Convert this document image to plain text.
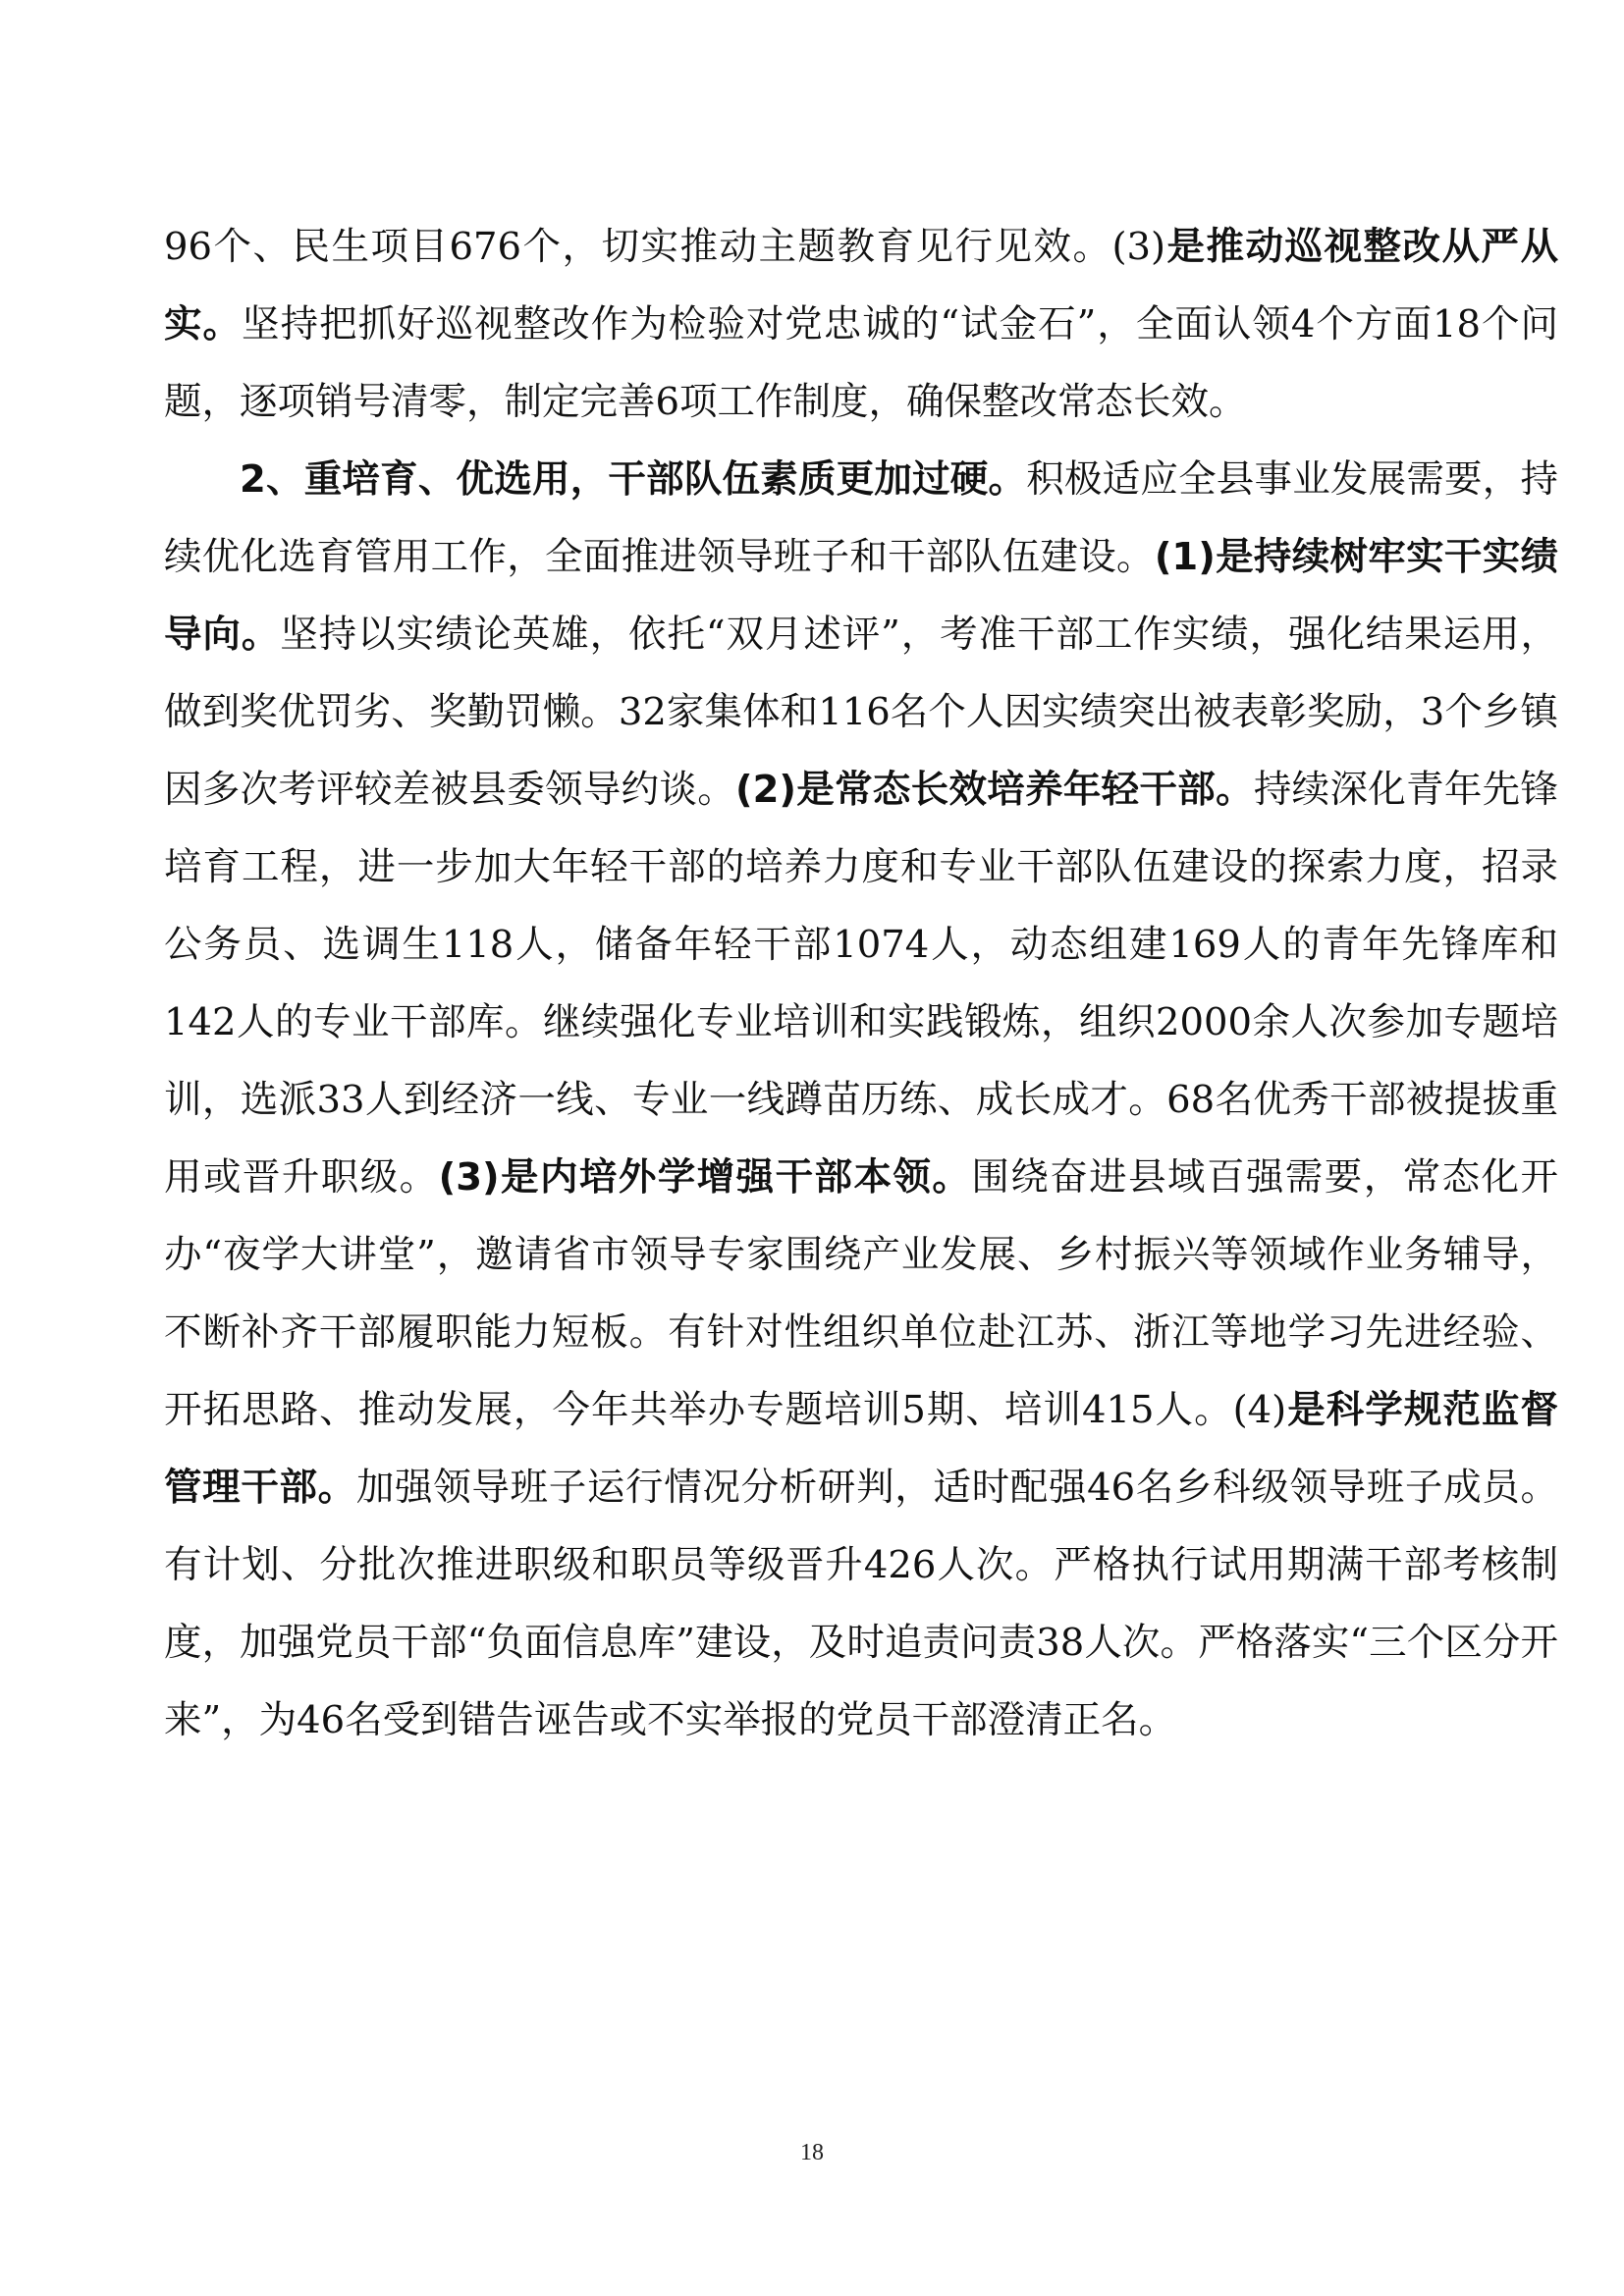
96个、民生项目676个，切实推动主题教育见行见效。(3)是推动巡视整改从严从实。坚持把抓好巡视整改作为检验对党忠诚的“试金石”，全面认领4个方面18个问题，逐项销号清零，制定完善6项工作制度，确保整改常态长效。

2、重培育、优选用，干部队伍素质更加过硬。积极适应全县事业发展需要，持续优化选育管用工作，全面推进领导班子和干部队伍建设。(1)是持续树牢实干实绩导向。坚持以实绩论英雄，依托“双月述评”，考准干部工作实绩，强化结果运用，做到奖优罚劣、奖勤罚懒。32家集体和116名个人因实绩突出被表彰奖励，3个乡镇因多次考评较差被县委领导约谈。(2)是常态长效培养年轻干部。持续深化青年先锋培育工程，进一步加大年轻干部的培养力度和专业干部队伍建设的探索力度，招录公务员、选调生118人，储备年轻干部1074人，动态组建169人的青年先锋库和142人的专业干部库。继续强化专业培训和实践锻炼，组织2000余人次参加专题培训，选派33人到经济一线、专业一线蹲苗历练、成长成才。68名优秀干部被提拔重用或晋升职级。(3)是内培外学增强干部本领。围绕奋进县域百强需要，常态化开办“夜学大讲堂”，邀请省市领导专家围绕产业发展、乡村振兴等领域作业务辅导，不断补齐干部履职能力短板。有针对性组织单位赴江苏、浙江等地学习先进经验、开拓思路、推动发展，今年共举办专题培训5期、培训415人。(4)是科学规范监督管理干部。加强领导班子运行情况分析研判，适时配强46名乡科级领导班子成员。有计划、分批次推进职级和职员等级晋升426人次。严格执行试用期满干部考核制度，加强党员干部“负面信息库”建设，及时追责问责38人次。严格落实“三个区分开来”，为46名受到错告诬告或不实举报的党员干部澄清正名。

18
